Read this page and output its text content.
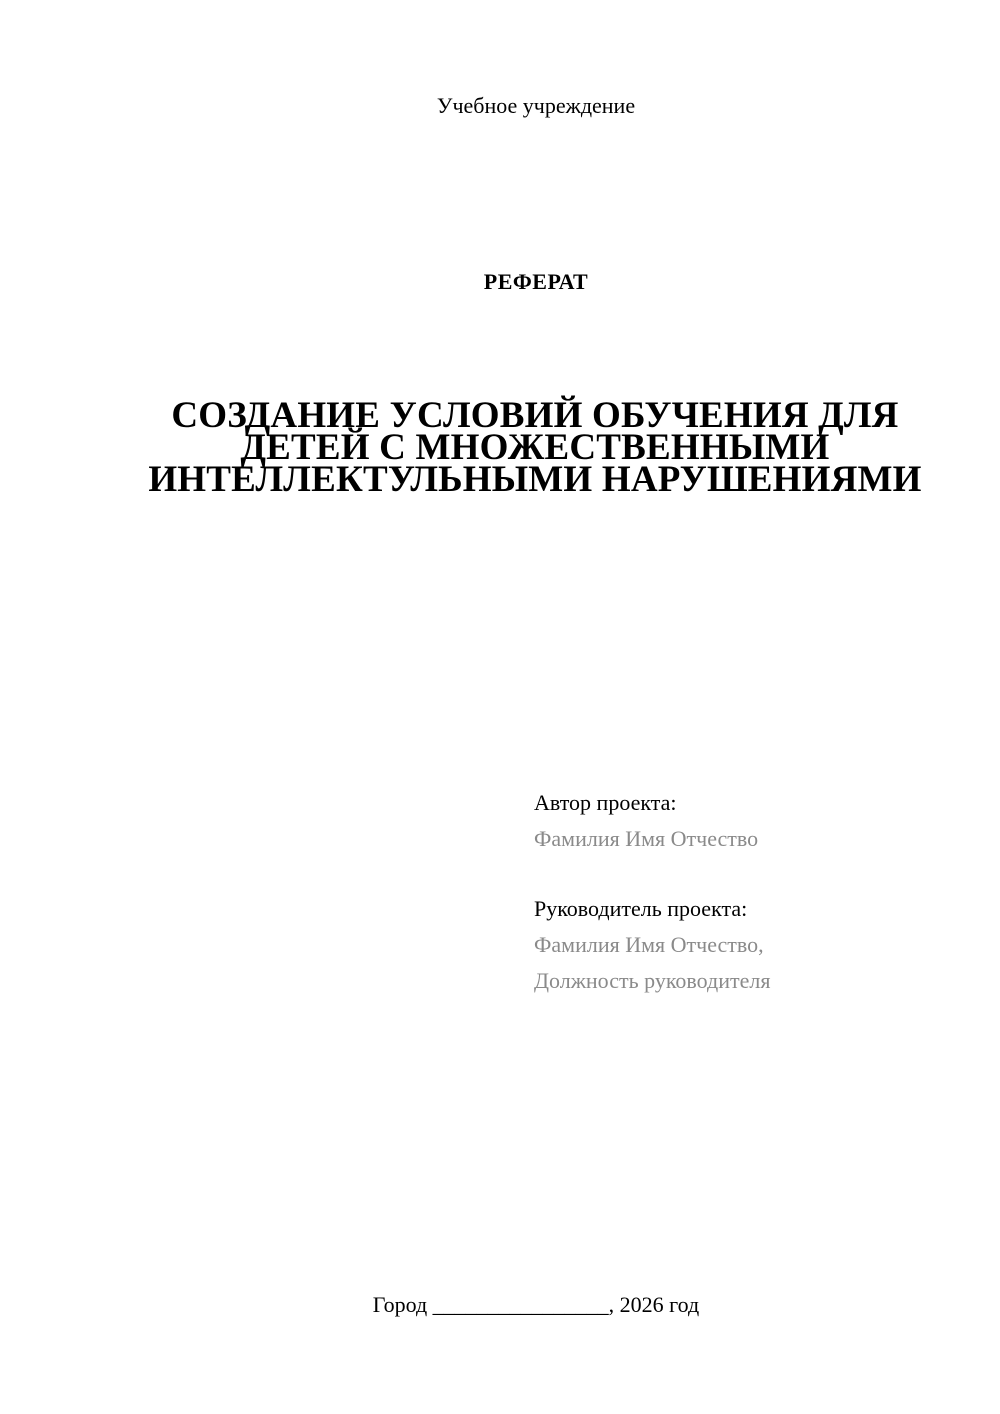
Учебное учреждение
РЕФЕРАТ
СОЗДАНИЕ УСЛОВИЙ ОБУЧЕНИЯ ДЛЯ ДЕТЕЙ С МНОЖЕСТВЕННЫМИ ИНТЕЛЛЕКТУЛЬНЫМИ НАРУШЕНИЯМИ
Автор проекта:
Фамилия Имя Отчество
Руководитель проекта:
Фамилия Имя Отчество,
Должность руководителя
Город ________________, 2026 год
